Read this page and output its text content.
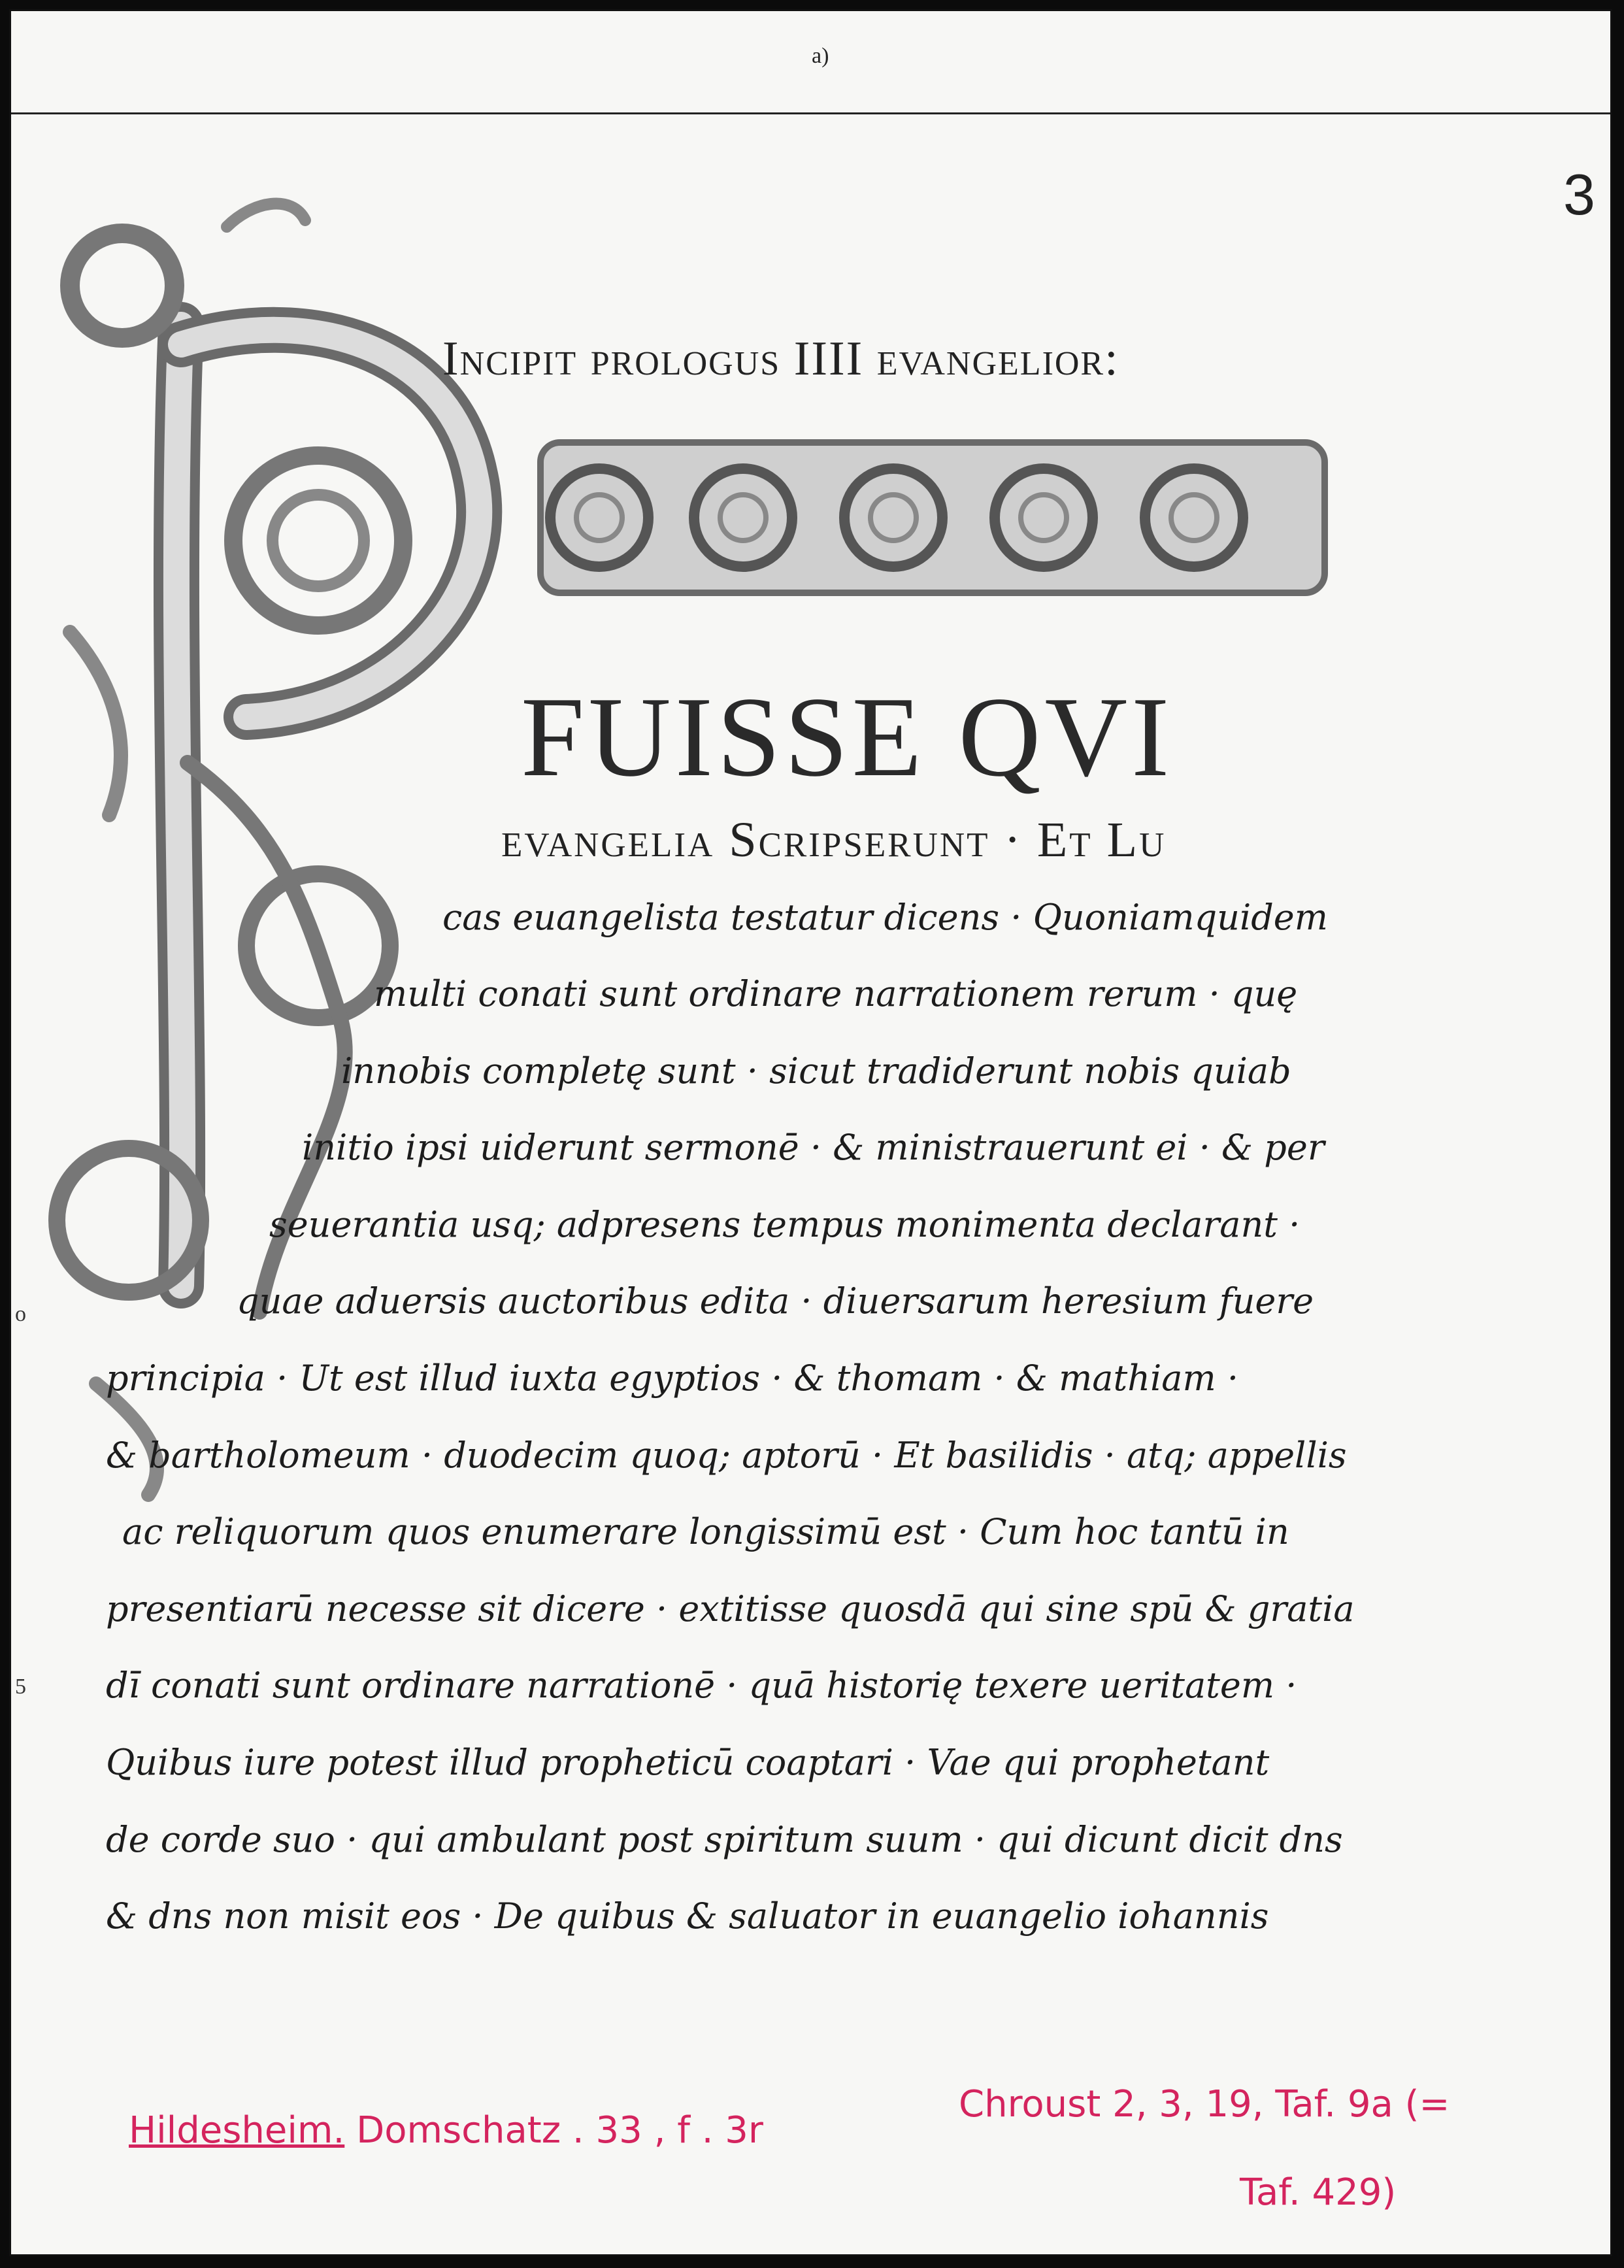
a)
3
o
5
Incipit prologus IIII evangelior:
FUISSE QVI
evangelia Scripserunt · Et Lu
cas euangelista testatur dicens · Quoniamquidem
multi conati sunt ordinare narrationem rerum · quę
innobis completę sunt · sicut tradiderunt nobis quiab
initio ipsi uiderunt sermonē · & ministrauerunt ei · & per
seuerantia usq; adpresens tempus monimenta declarant ·
quae aduersis auctoribus edita · diuersarum heresium fuere
principia · Ut est illud iuxta egyptios · & thomam · & mathiam ·
& bartholomeum · duodecim quoq; aptorū · Et basilidis · atq; appellis
ac reliquorum quos enumerare longissimū est · Cum hoc tantū in
presentiarū necesse sit dicere · extitisse quosdā qui sine spū & gratia
dī conati sunt ordinare narrationē · quā historię texere ueritatem ·
Quibus iure potest illud propheticū coaptari · Vae qui prophetant
de corde suo · qui ambulant post spiritum suum · qui dicunt dicit dns
& dns non misit eos · De quibus & saluator in euangelio iohannis
Hildesheim. Domschatz . 33 , f . 3r
Chroust 2, 3, 19, Taf. 9a (=
Taf. 429)
